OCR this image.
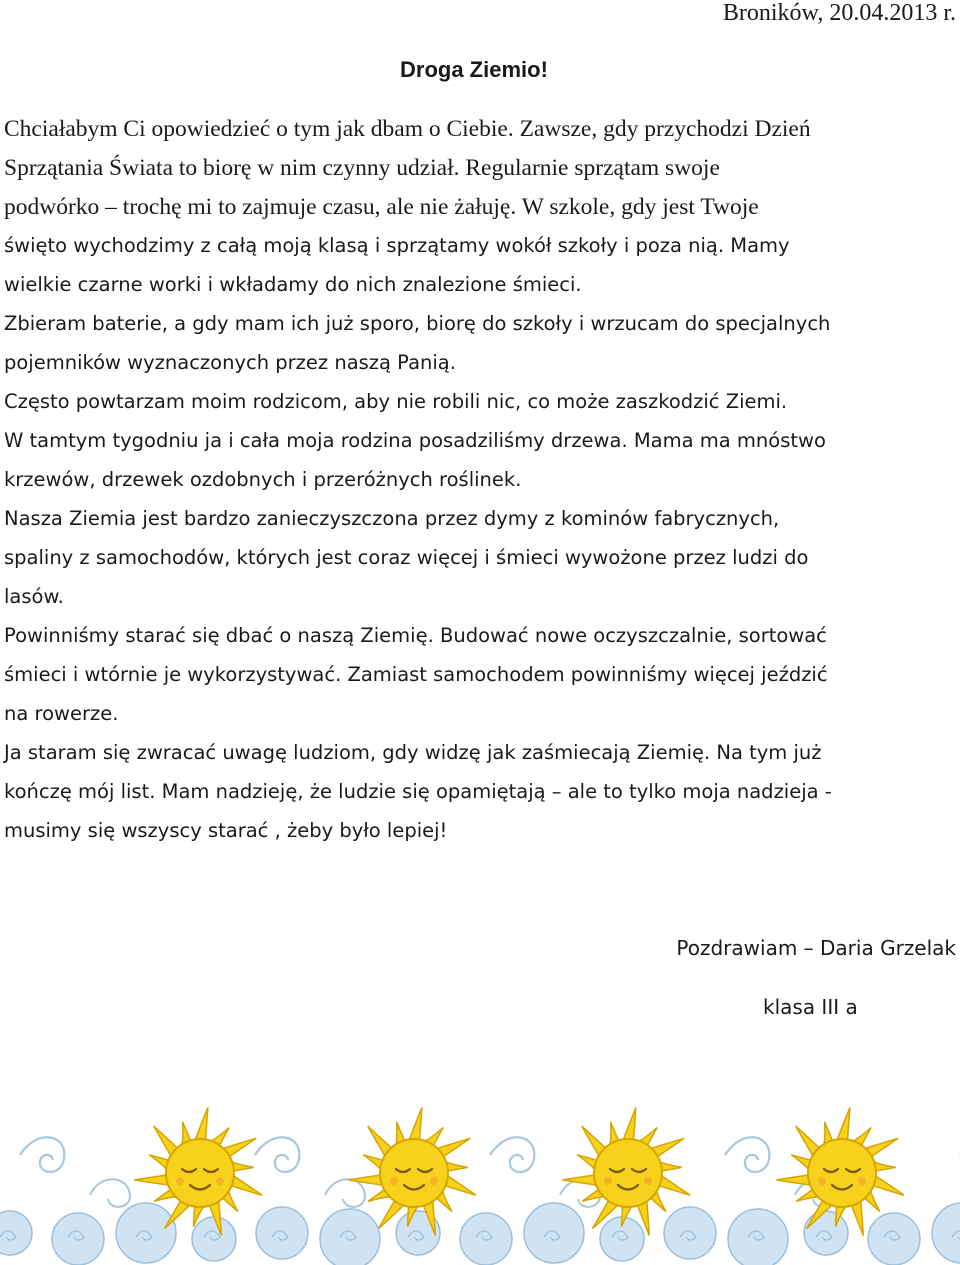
Broników, 20.04.2013 r.
Droga Ziemio!
Chciałabym Ci opowiedzieć o tym jak dbam o Ciebie. Zawsze, gdy przychodzi Dzień
Sprzątania Świata to biorę w nim czynny udział. Regularnie sprzątam swoje
podwórko – trochę mi to zajmuje czasu, ale nie żałuję. W szkole, gdy jest Twoje
święto wychodzimy z całą moją klasą i sprzątamy wokół szkoły i poza nią. Mamy
wielkie czarne worki i wkładamy do nich znalezione śmieci.
Zbieram baterie, a gdy mam ich już sporo, biorę do szkoły i wrzucam do specjalnych
pojemników wyznaczonych przez naszą Panią.
Często powtarzam moim rodzicom, aby nie robili nic, co może zaszkodzić Ziemi.
W tamtym tygodniu ja i cała moja rodzina posadziliśmy drzewa. Mama ma mnóstwo
krzewów, drzewek ozdobnych i przeróżnych roślinek.
Nasza Ziemia jest bardzo zanieczyszczona przez dymy z kominów fabrycznych,
spaliny z samochodów, których jest coraz więcej i śmieci wywożone przez ludzi do
lasów.
Powinniśmy starać się dbać o naszą Ziemię. Budować nowe oczyszczalnie, sortować
śmieci i wtórnie je wykorzystywać. Zamiast samochodem powinniśmy więcej jeździć
na rowerze.
Ja staram się zwracać uwagę ludziom, gdy widzę jak zaśmiecają Ziemię. Na tym już
kończę mój list. Mam nadzieję, że ludzie się opamiętają – ale to tylko moja nadzieja -
musimy się wszyscy starać , żeby było lepiej!
Pozdrawiam – Daria Grzelak
klasa III a
